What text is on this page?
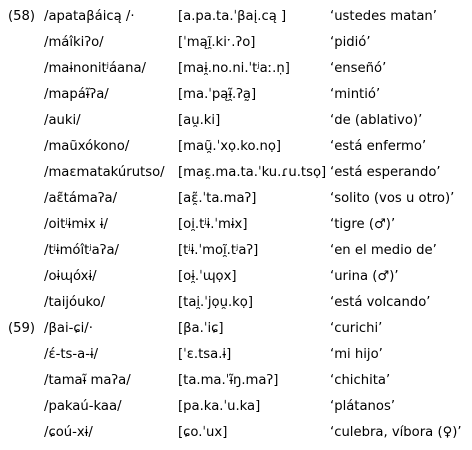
(58) /apataβáicą /·	[a.pa.ta.ˈβaį.cą ]	‘ustedes matan’
/máîkiʔo/	[ˈmąĩ̯.kiˑ.ʔo]	‘pidió’
/maɨnonitʲáana/ [maɨ̯.no.ni.ˈtʲaː.ṇ]	‘enseñó’
/mapáɨ̃ʔa/	[ma.ˈpąɨ̯̃.ʔa̰]	‘mintió’
/auki/	[au̯.ki]	‘de (ablativo)’
/maũxókono/	[maũ̯.ˈxọ.ko.nọ]	‘está enfermo’
/maɛmatakúrutso/ [maɛ̯.ma.ta.ˈku.ɾu.tsọ] ‘está esperando’
/aɛ̃támaʔa/	[aɛ̯̃.ˈta.maʔ]	‘solito (vos u otro)’
/oitʲɨmɨx ɨ/	[oi̯.tʲɨ.ˈmɨx]	‘tigre (♂)’
/tʲɨmóîtʲaʔa/	[tʲɨ.ˈmoĩ̯.tʲaʔ]	‘en el medio de’
/oɨɰóxɨ/	[oɨ̯.ˈɰọx]	‘urina (♂)’
/taijóuko/	[tai̯.ˈjọu̯.kọ]	‘está volcando’
(59) /βai-ɕi/·	[βa.ˈiɕ]	‘curichi’
/ɛ́-ts-a-ɨ/	[ˈɛ.tsa.ɨ]	‘mi hijo’
/tamaɨ͂ maʔa/	[ta.ma.ˈɨ̃ŋ.maʔ]	‘chichita’
/pakaú-kaa/	[pa.ka.ˈu.ka]	‘plátanos’
/ɕoú-xɨ/	[ɕo.ˈux]	‘culebra, víbora (♀)’
